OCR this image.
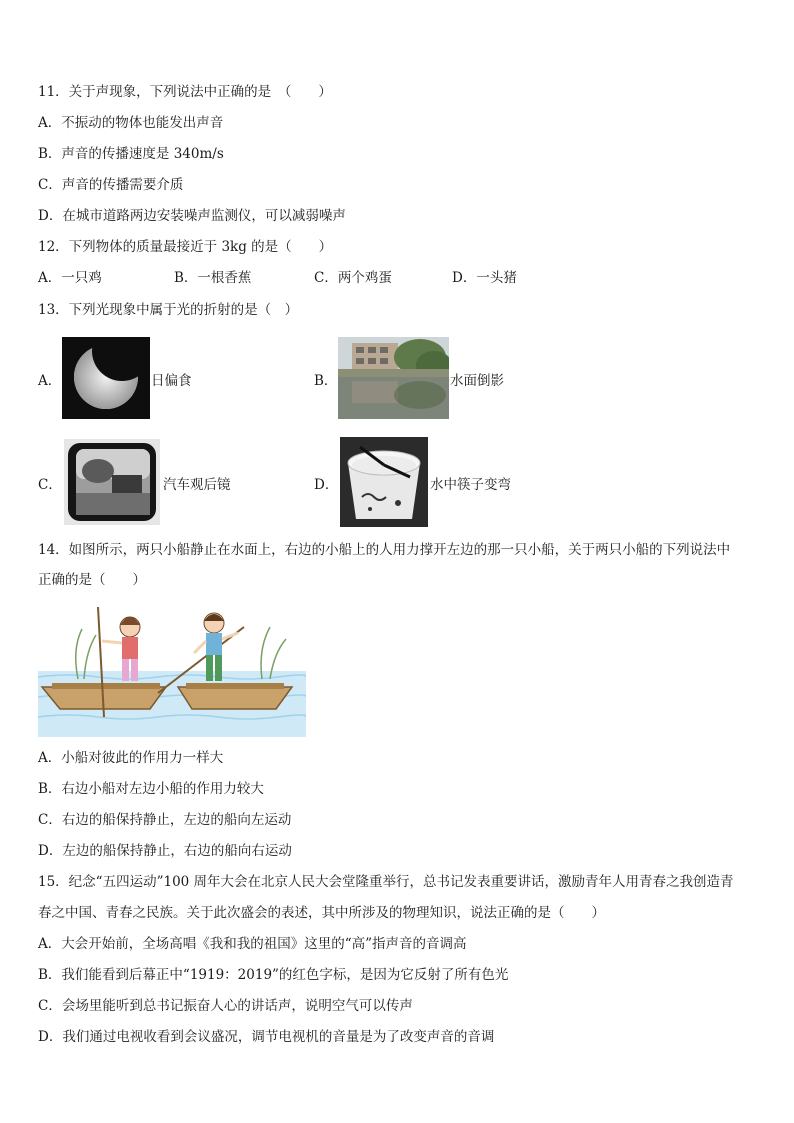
11．关于声现象，下列说法中正确的是　（　　）
A．不振动的物体也能发出声音
B．声音的传播速度是 340m/s
C．声音的传播需要介质
D．在城市道路两边安装噪声监测仪，可以减弱噪声
12．下列物体的质量最接近于 3kg 的是（　　）
A．一只鸡	B．一根香蕉	C．两个鸡蛋	D．一头猪
13．下列光现象中属于光的折射的是（　）
A．	日偏食	B．	水面倒影
C．	汽车观后镜	D．	水中筷子变弯
14．如图所示，两只小船静止在水面上，右边的小船上的人用力撑开左边的那一只小船，关于两只小船的下列说法中
正确的是（　　）
A．小船对彼此的作用力一样大
B．右边小船对左边小船的作用力较大
C．右边的船保持静止，左边的船向左运动
D．左边的船保持静止，右边的船向右运动
15．纪念“五四运动”100 周年大会在北京人民大会堂隆重举行，总书记发表重要讲话，激励青年人用青春之我创造青
春之中国、青春之民族。关于此次盛会的表述，其中所涉及的物理知识，说法正确的是（　　）
A．大会开始前，全场高唱《我和我的祖国》这里的“高”指声音的音调高
B．我们能看到后幕正中“1919：2019”的红色字标，是因为它反射了所有色光
C．会场里能听到总书记振奋人心的讲话声，说明空气可以传声
D．我们通过电视收看到会议盛况，调节电视机的音量是为了改变声音的音调
